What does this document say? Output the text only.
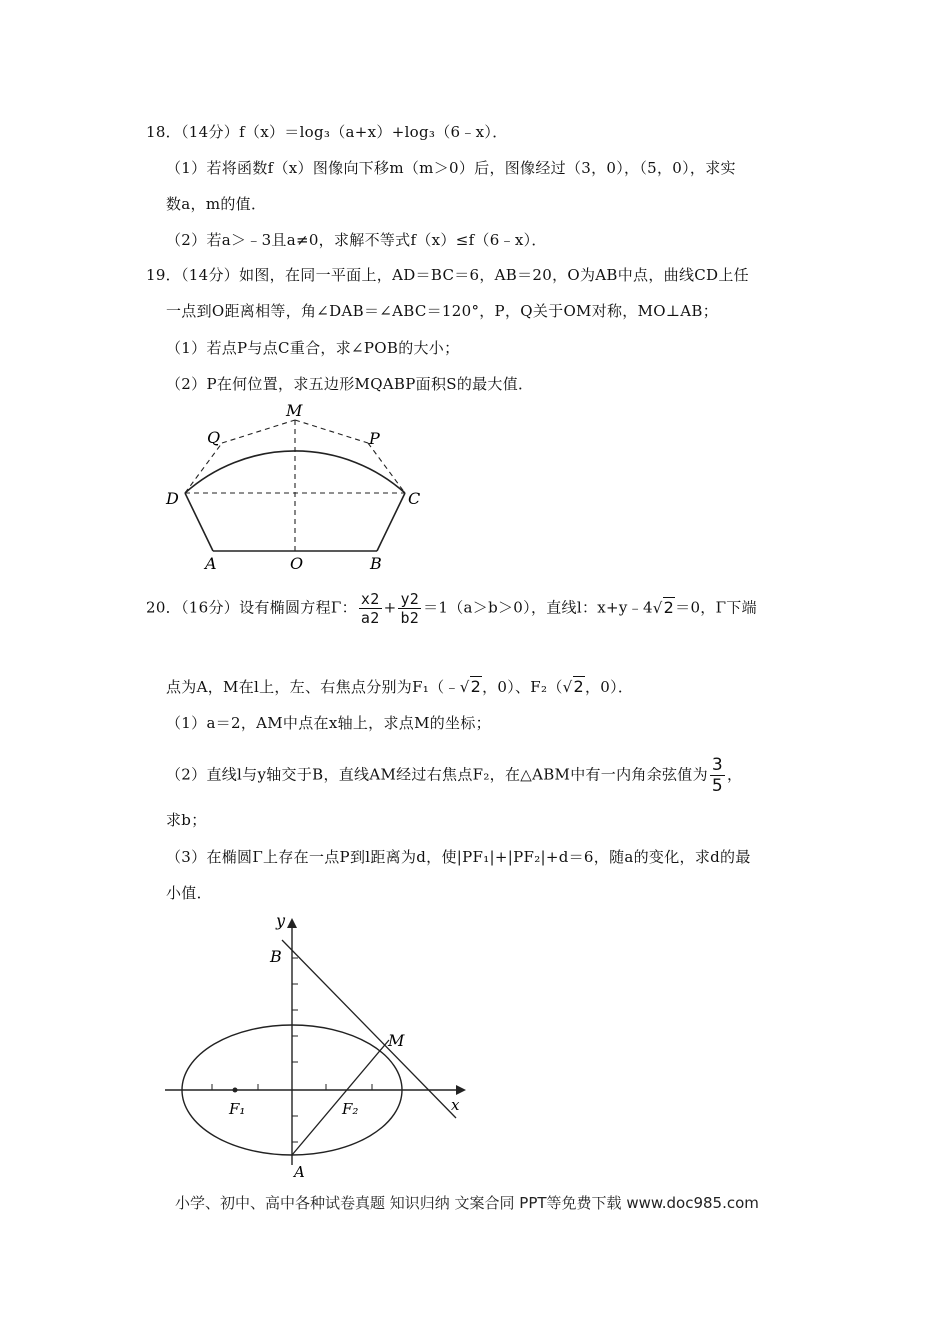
18．（14分）f（x）＝log₃（a+x）+log₃（6﹣x）．
（1）若将函数f（x）图像向下移m（m＞0）后，图像经过（3，0），（5，0），求实
数a，m的值．
（2）若a＞﹣3且a≠0，求解不等式f（x）≤f（6﹣x）．
19．（14分）如图，在同一平面上，AD＝BC＝6，AB＝20，O为AB中点，曲线CD上任
一点到O距离相等，角∠DAB＝∠ABC＝120°，P，Q关于OM对称，MO⊥AB；
（1）若点P与点C重合，求∠POB的大小；
（2）P在何位置，求五边形MQABP面积S的最大值．
M
Q	P
D	C
A	O	B
20．（16分）设有椭圆方程Γ： $\frac{x2}{a2} + \frac{y2}{b2} =1(a>b>0)$，直线l：x+y﹣4√2＝0，Γ下端
点为A，M在l上，左、右焦点分别为F₁（﹣√2，0）、F₂（√2，0）．
（1）a＝2，AM中点在x轴上，求点M的坐标；
（2）直线l与y轴交于B，直线AM经过右焦点F₂，在△ABM中有一内角余弦值为 $\frac{3}{5}$ ，
求b；
（3）在椭圆Γ上存在一点P到l距离为d，使|PF₁|+|PF₂|+d＝6，随a的变化，求d的最
小值．
y
B
M
x
F₁	F₂
A
小学、初中、高中各种试卷真题 知识归纳 文案合同 PPT等免费下载 www.doc985.com
